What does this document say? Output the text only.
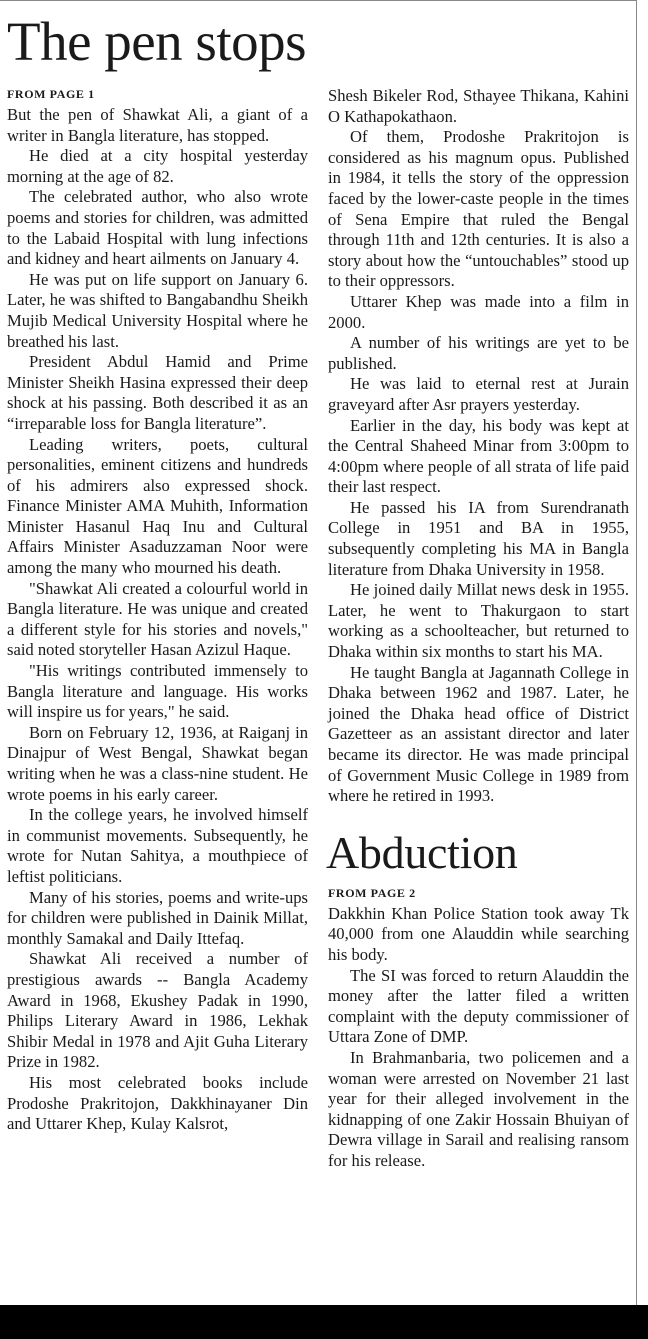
The pen stops
FROM PAGE 1

But the pen of Shawkat Ali, a giant of a writer in Bangla literature, has stopped.

He died at a city hospital yesterday morning at the age of 82.

The celebrated author, who also wrote poems and stories for children, was admitted to the Labaid Hospital with lung infections and kidney and heart ailments on January 4.

He was put on life support on January 6. Later, he was shifted to Bangabandhu Sheikh Mujib Medical University Hospital where he breathed his last.

President Abdul Hamid and Prime Minister Sheikh Hasina expressed their deep shock at his passing. Both described it as an “irreparable loss for Bangla literature”.

Leading writers, poets, cultural personalities, eminent citizens and hundreds of his admirers also expressed shock. Finance Minister AMA Muhith, Information Minister Hasanul Haq Inu and Cultural Affairs Minister Asaduzzaman Noor were among the many who mourned his death.

"Shawkat Ali created a colourful world in Bangla literature. He was unique and created a different style for his stories and novels," said noted storyteller Hasan Azizul Haque.

"His writings contributed immensely to Bangla literature and language. His works will inspire us for years," he said.

Born on February 12, 1936, at Raiganj in Dinajpur of West Bengal, Shawkat began writing when he was a class-nine student. He wrote poems in his early career.

In the college years, he involved himself in communist movements. Subsequently, he wrote for Nutan Sahitya, a mouthpiece of leftist politicians.

Many of his stories, poems and write-ups for children were published in Dainik Millat, monthly Samakal and Daily Ittefaq.

Shawkat Ali received a number of prestigious awards -- Bangla Academy Award in 1968, Ekushey Padak in 1990, Philips Literary Award in 1986, Lekhak Shibir Medal in 1978 and Ajit Guha Literary Prize in 1982.

His most celebrated books include Prodoshe Prakritojon, Dakkhinayaner Din and Uttarer Khep, Kulay Kalsrot,

Shesh Bikeler Rod, Sthayee Thikana, Kahini O Kathapokathaon.

Of them, Prodoshe Prakritojon is considered as his magnum opus. Published in 1984, it tells the story of the oppression faced by the lower-caste people in the times of Sena Empire that ruled the Bengal through 11th and 12th centuries. It is also a story about how the “untouchables” stood up to their oppressors.

Uttarer Khep was made into a film in 2000.

A number of his writings are yet to be published.

He was laid to eternal rest at Jurain graveyard after Asr prayers yesterday.

Earlier in the day, his body was kept at the Central Shaheed Minar from 3:00pm to 4:00pm where people of all strata of life paid their last respect.

He passed his IA from Surendranath College in 1951 and BA in 1955, subsequently completing his MA in Bangla literature from Dhaka University in 1958.

He joined daily Millat news desk in 1955. Later, he went to Thakurgaon to start working as a schoolteacher, but returned to Dhaka within six months to start his MA.

He taught Bangla at Jagannath College in Dhaka between 1962 and 1987. Later, he joined the Dhaka head office of District Gazetteer as an assistant director and later became its director. He was made principal of Government Music College in 1989 from where he retired in 1993.

Abduction
FROM PAGE 2

Dakkhin Khan Police Station took away Tk 40,000 from one Alauddin while searching his body.

The SI was forced to return Alauddin the money after the latter filed a written complaint with the deputy commissioner of Uttara Zone of DMP.

In Brahmanbaria, two policemen and a woman were arrested on November 21 last year for their alleged involvement in the kidnapping of one Zakir Hossain Bhuiyan of Dewra village in Sarail and realising ransom for his release.
